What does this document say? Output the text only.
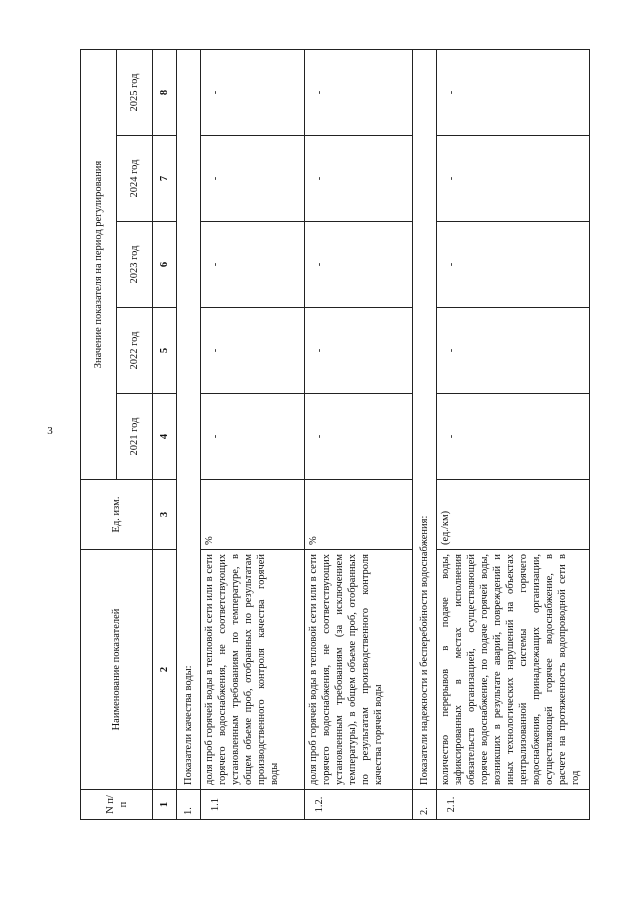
3
N п/п	Наименование показателей	Ед. изм.	Значение показателя на период регулирования				
			2021 год	2022 год	2023 год	2024 год	2025 год
1	2	3	4	5	6	7	8
1.	Показатели качества воды:						
1.1	доля проб горячей воды в тепловой сети или в сети горячего водоснабжения, не соответствующих установленным требованиям по температуре, в общем объеме проб, отобранных по результатам производственного контроля качества горячей воды	%	-	-	-	-	-
1.2.	доля проб горячей воды в тепловой сети или в сети горячего водоснабжения, не соответствующих установленным требованиям (за исключением температуры), в общем объеме проб, отобранных по результатам производственного контроля качества горячей воды	%	-	-	-	-	-
2.	Показатели надежности и бесперебойности водоснабжения:						
2.1.	количество перерывов в подаче воды, зафиксированных в местах исполнения обязательств организацией, осуществляющей горячее водоснабжение, по подаче горячей воды, возникших в результате аварий, повреждений и иных технологических нарушений на объектах централизованной системы горячего водоснабжения, принадлежащих организации, осуществляющей горячее водоснабжение, в расчете на протяженность водопроводной сети в год	(ед./км)	-	-	-	-	-
